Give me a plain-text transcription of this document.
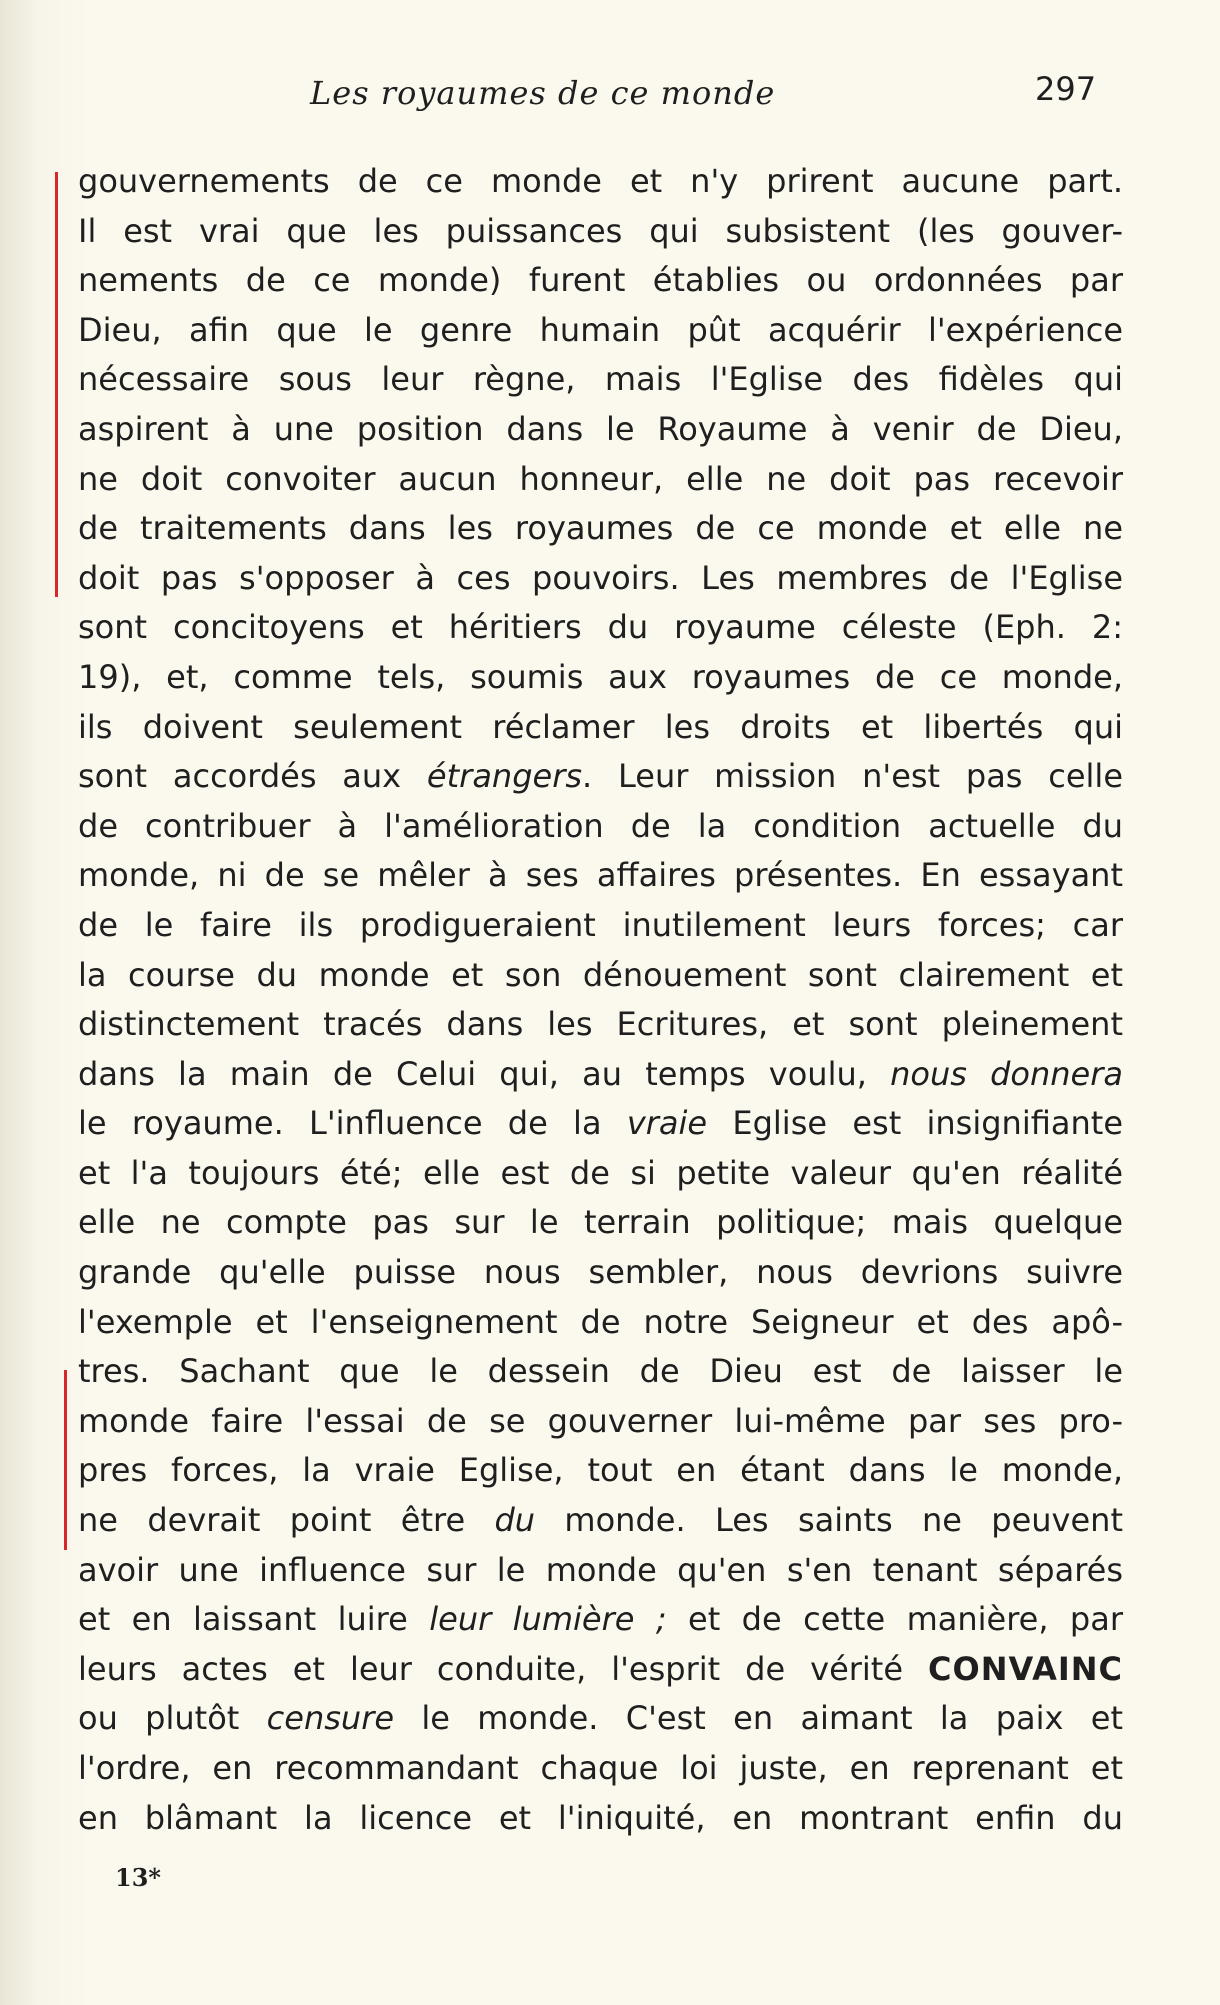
Les royaumes de ce monde	297
gouvernements de ce monde et n'y prirent aucune part.
Il est vrai que les puissances qui subsistent (les gouver-
nements de ce monde) furent établies ou ordonnées par
Dieu, afin que le genre humain pût acquérir l'expérience
nécessaire sous leur règne, mais l'Eglise des fidèles qui
aspirent à une position dans le Royaume à venir de Dieu,
ne doit convoiter aucun honneur, elle ne doit pas recevoir
de traitements dans les royaumes de ce monde et elle ne
doit pas s'opposer à ces pouvoirs. Les membres de l'Eglise
sont concitoyens et héritiers du royaume céleste (Eph. 2:
19), et, comme tels, soumis aux royaumes de ce monde,
ils doivent seulement réclamer les droits et libertés qui
sont accordés aux étrangers. Leur mission n'est pas celle
de contribuer à l'amélioration de la condition actuelle du
monde, ni de se mêler à ses affaires présentes. En essayant
de le faire ils prodigueraient inutilement leurs forces; car
la course du monde et son dénouement sont clairement et
distinctement tracés dans les Ecritures, et sont pleinement
dans la main de Celui qui, au temps voulu, nous donnera
le royaume. L'influence de la vraie Eglise est insignifiante
et l'a toujours été; elle est de si petite valeur qu'en réalité
elle ne compte pas sur le terrain politique; mais quelque
grande qu'elle puisse nous sembler, nous devrions suivre
l'exemple et l'enseignement de notre Seigneur et des apô-
tres. Sachant que le dessein de Dieu est de laisser le
monde faire l'essai de se gouverner lui-même par ses pro-
pres forces, la vraie Eglise, tout en étant dans le monde,
ne devrait point être du monde. Les saints ne peuvent
avoir une influence sur le monde qu'en s'en tenant séparés
et en laissant luire leur lumière ; et de cette manière, par
leurs actes et leur conduite, l'esprit de vérité CONVAINC
ou plutôt censure le monde. C'est en aimant la paix et
l'ordre, en recommandant chaque loi juste, en reprenant et
en blâmant la licence et l'iniquité, en montrant enfin du
13*
